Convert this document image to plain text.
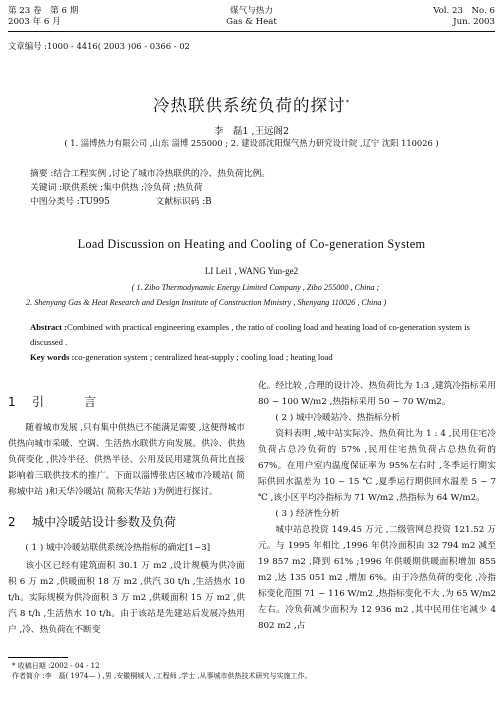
第 23 卷　第 6 期
2003 年 6 月
煤气与热力
Gas & Heat
Vol. 23　No. 6
Jun. 2003
文章编号 :1000 - 4416( 2003 )06 - 0366 - 02
冷热联供系统负荷的探讨*
李　磊1 ,王远阁2
( 1. 淄博热力有限公司 ,山东 淄博 255000 ; 2. 建设部沈阳煤气热力研究设计院 ,辽宁 沈阳 110026 )
摘要 :结合工程实例 ,讨论了城市冷热联供的冷、热负荷比例。
关键词 :联供系统 ;集中供热 ;冷负荷 ;热负荷
中图分类号 :TU995	文献标识码 :B
Load Discussion on Heating and Cooling of Co-generation System
LI Lei1 , WANG Yun-ge2
( 1. Zibo Thermodynamic Energy Limited Company , Zibo 255000 , China ;
2. Shenyang Gas & Heat Research and Design Institute of Construction Ministry , Shenyang 110026 , China )
Abstract :Combined with practical engineering examples , the ratio of cooling load and heating load of co-generation system is discussed .
Key words :co-generation system ; centralized heat-supply ; cooling load ; heating load
1 引　言

随着城市发展 ,只有集中供热已不能满足需要 ,这便得城市供热向城市采暖、空调、生活热水联供方向发展。供冷、供热负荷变化 ,供冷半径、供热半径、公用及民用建筑负荷比直接影响着三联供技术的推广。下面以淄博张店区城市冷暖站( 简称城中站 )和天华冷暖站( 简称天华站 )为例进行探讨。

2 城中冷暖站设计参数及负荷
( 1 ) 城中冷暖站联供系统冷热指标的确定[1~3]

该小区已经有建筑面积 30.1 万 m2 ,设计规模为供冷面积 6 万 m2 ,供暖面积 18 万 m2 ,供汽 30 t/h ,生活热水 10 t/h。实际规模为供冷面积 3 万 m2 ,供暖面积 15 万 m2 ,供汽 8 t/h ,生活热水 10 t/h。由于该站是先建站后发展冷热用户 ,冷、热负荷在不断变

化。经比较 ,合理的设计冷、热负荷比为 1:3 ,建筑冷指标采用 80 ~ 100 W/m2 ,热指标采用 50 ~ 70 W/m2。

( 2 ) 城中冷暖站冷、热指标分析

资料表明 ,城中站实际冷、热负荷比为 1 : 4 ,民用住宅冷负荷占总冷负荷的 57% ,民用住宅热负荷占总热负荷的 67%。在用户室内温度保证率为 95%左右时 ,冬季运行期实际供回水温差为 10 ~ 15 ℃ ,夏季运行期供回水温差 5 ~ 7 ℃ ,该小区平均冷指标为 71 W/m2 ,热指标为 64 W/m2。

( 3 ) 经济性分析

城中站总投资 149.45 万元 ,二级管网总投资 121.52 万元。与 1995 年相比 ,1996 年供冷面积由 32 794 m2 减至 19 857 m2 ,降到 61% ;1996 年供暖期供暖面积增加 855 m2 ,达 135 051 m2 ,增加 6%。由于冷热负荷的变化 ,冷指标变化范围 71 ~ 116 W/m2 ,热指标变化不大 ,为 65 W/m2 左右。冷负荷减少面积为 12 936 m2 ,其中民用住宅减少 4 802 m2 ,占

* 收稿日期 :2002 - 04 - 12
作者简介 :李　磊( 1974— ) ,男 ,安徽桐城人 ,工程师 ,学士 ,从事城市供热技术研究与实施工作。
